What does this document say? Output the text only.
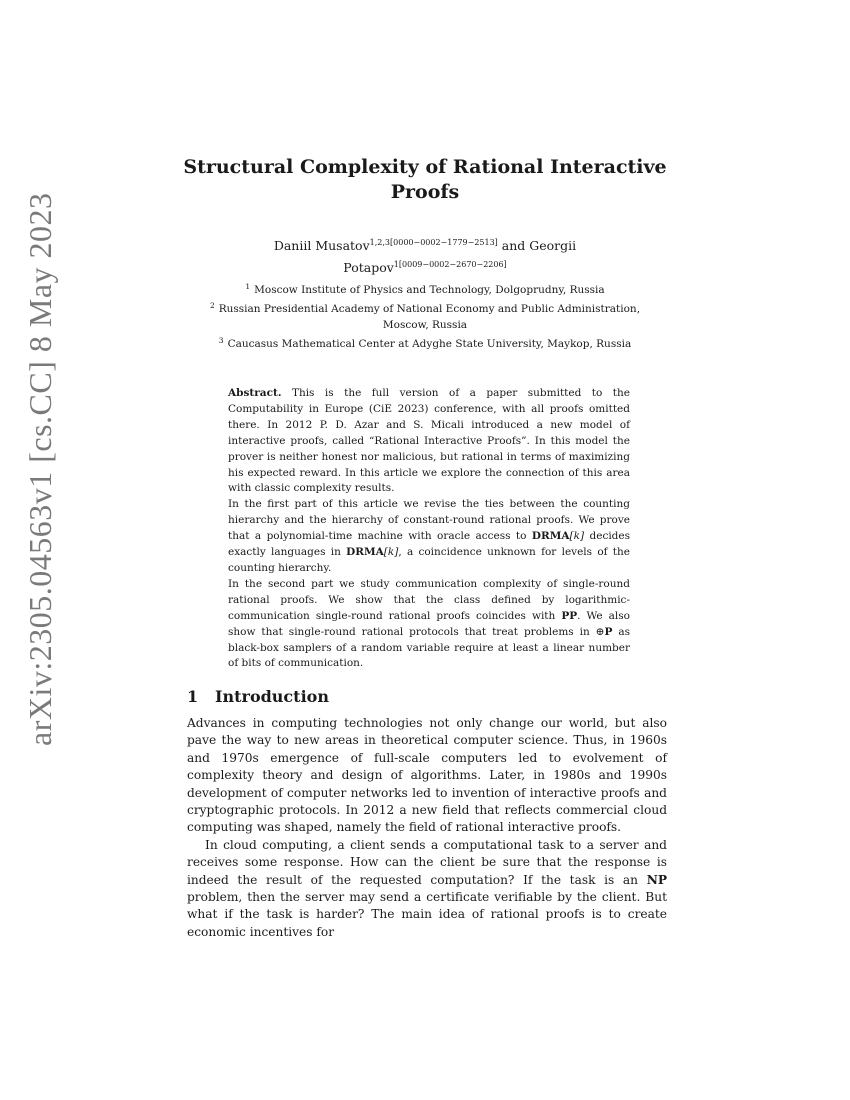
arXiv:2305.04563v1 [cs.CC] 8 May 2023
Structural Complexity of Rational Interactive
Proofs
Daniil Musatov$^{1,2,3[0000-0002-1779-2513]}$ and Georgii
Potapov$^{1[0009-0002-2670-2206]}$
$^1$ Moscow Institute of Physics and Technology, Dolgoprudny, Russia
$^2$ Russian Presidential Academy of National Economy and Public Administration,
Moscow, Russia
$^3$ Caucasus Mathematical Center at Adyghe State University, Maykop, Russia

Abstract. This is the full version of a paper submitted to the Computability in Europe (CiE 2023) conference, with all proofs omitted there. In 2012 P. D. Azar and S. Micali introduced a new model of interactive proofs, called “Rational Interactive Proofs”. In this model the prover is neither honest nor malicious, but rational in terms of maximizing his expected reward. In this article we explore the connection of this area with classic complexity results.

In the first part of this article we revise the ties between the counting hierarchy and the hierarchy of constant-round rational proofs. We prove that a polynomial-time machine with oracle access to DRMA[k] decides exactly languages in DRMA[k], a coincidence unknown for levels of the counting hierarchy.

In the second part we study communication complexity of single-round rational proofs. We show that the class defined by logarithmic-communication single-round rational proofs coincides with PP. We also show that single-round rational protocols that treat problems in ⊕P as black-box samplers of a random variable require at least a linear number of bits of communication.

1 Introduction

Advances in computing technologies not only change our world, but also pave the way to new areas in theoretical computer science. Thus, in 1960s and 1970s emergence of full-scale computers led to evolvement of complexity theory and design of algorithms. Later, in 1980s and 1990s development of computer networks led to invention of interactive proofs and cryptographic protocols. In 2012 a new field that reflects commercial cloud computing was shaped, namely the field of rational interactive proofs.

In cloud computing, a client sends a computational task to a server and receives some response. How can the client be sure that the response is indeed the result of the requested computation? If the task is an NP problem, then the server may send a certificate verifiable by the client. But what if the task is harder? The main idea of rational proofs is to create economic incentives for
